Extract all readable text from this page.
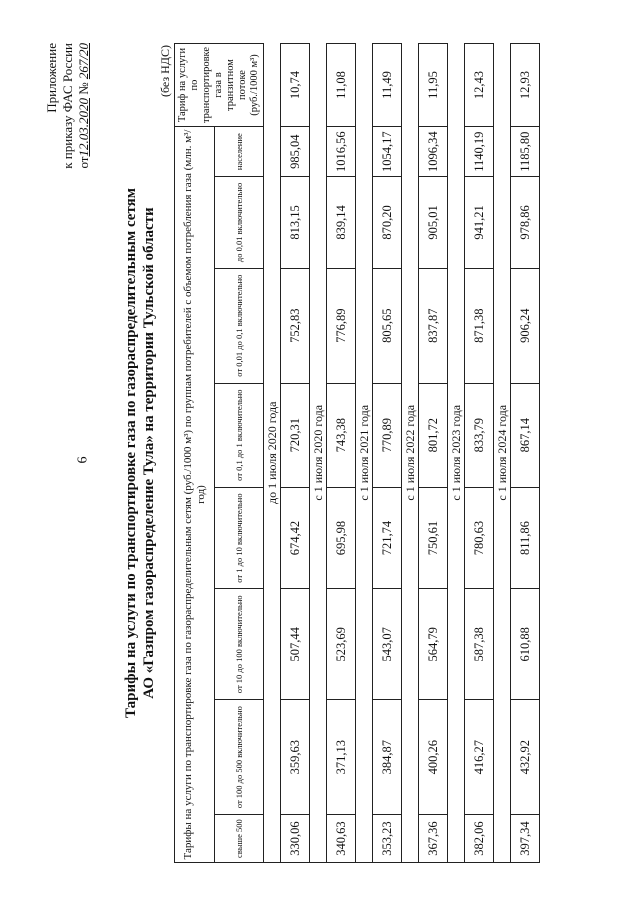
6
Приложение к приказу ФАС России от12.03.2020 № 267/20
Тарифы на услуги по транспортировке газа по газораспределительным сетям АО «Газпром газораспределение Тула» на территории Тульской области
(без НДС)
Тарифы на услуги по транспортировке газа по газораспределительным сетям (руб./1000 м³) по группам потребителей с объемом потребления газа (млн. м³/год)								Тариф на услуги по транспортировке газа в транзитном потоке (руб./1000 м³)
свыше 500	от 100 до 500 включительно	от 10 до 100 включительно	от 1 до 10 включительно	от 0,1 до 1 включительно	от 0,01 до 0,1 включительно	до 0,01 включительно	население	
до 1 июля 2020 года								
330,06	359,63	507,44	674,42	720,31	752,83	813,15	985,04	10,74
с 1 июля 2020 года								
340,63	371,13	523,69	695,98	743,38	776,89	839,14	1016,56	11,08
с 1 июля 2021 года								
353,23	384,87	543,07	721,74	770,89	805,65	870,20	1054,17	11,49
с 1 июля 2022 года								
367,36	400,26	564,79	750,61	801,72	837,87	905,01	1096,34	11,95
с 1 июля 2023 года								
382,06	416,27	587,38	780,63	833,79	871,38	941,21	1140,19	12,43
с 1 июля 2024 года								
397,34	432,92	610,88	811,86	867,14	906,24	978,86	1185,80	12,93
